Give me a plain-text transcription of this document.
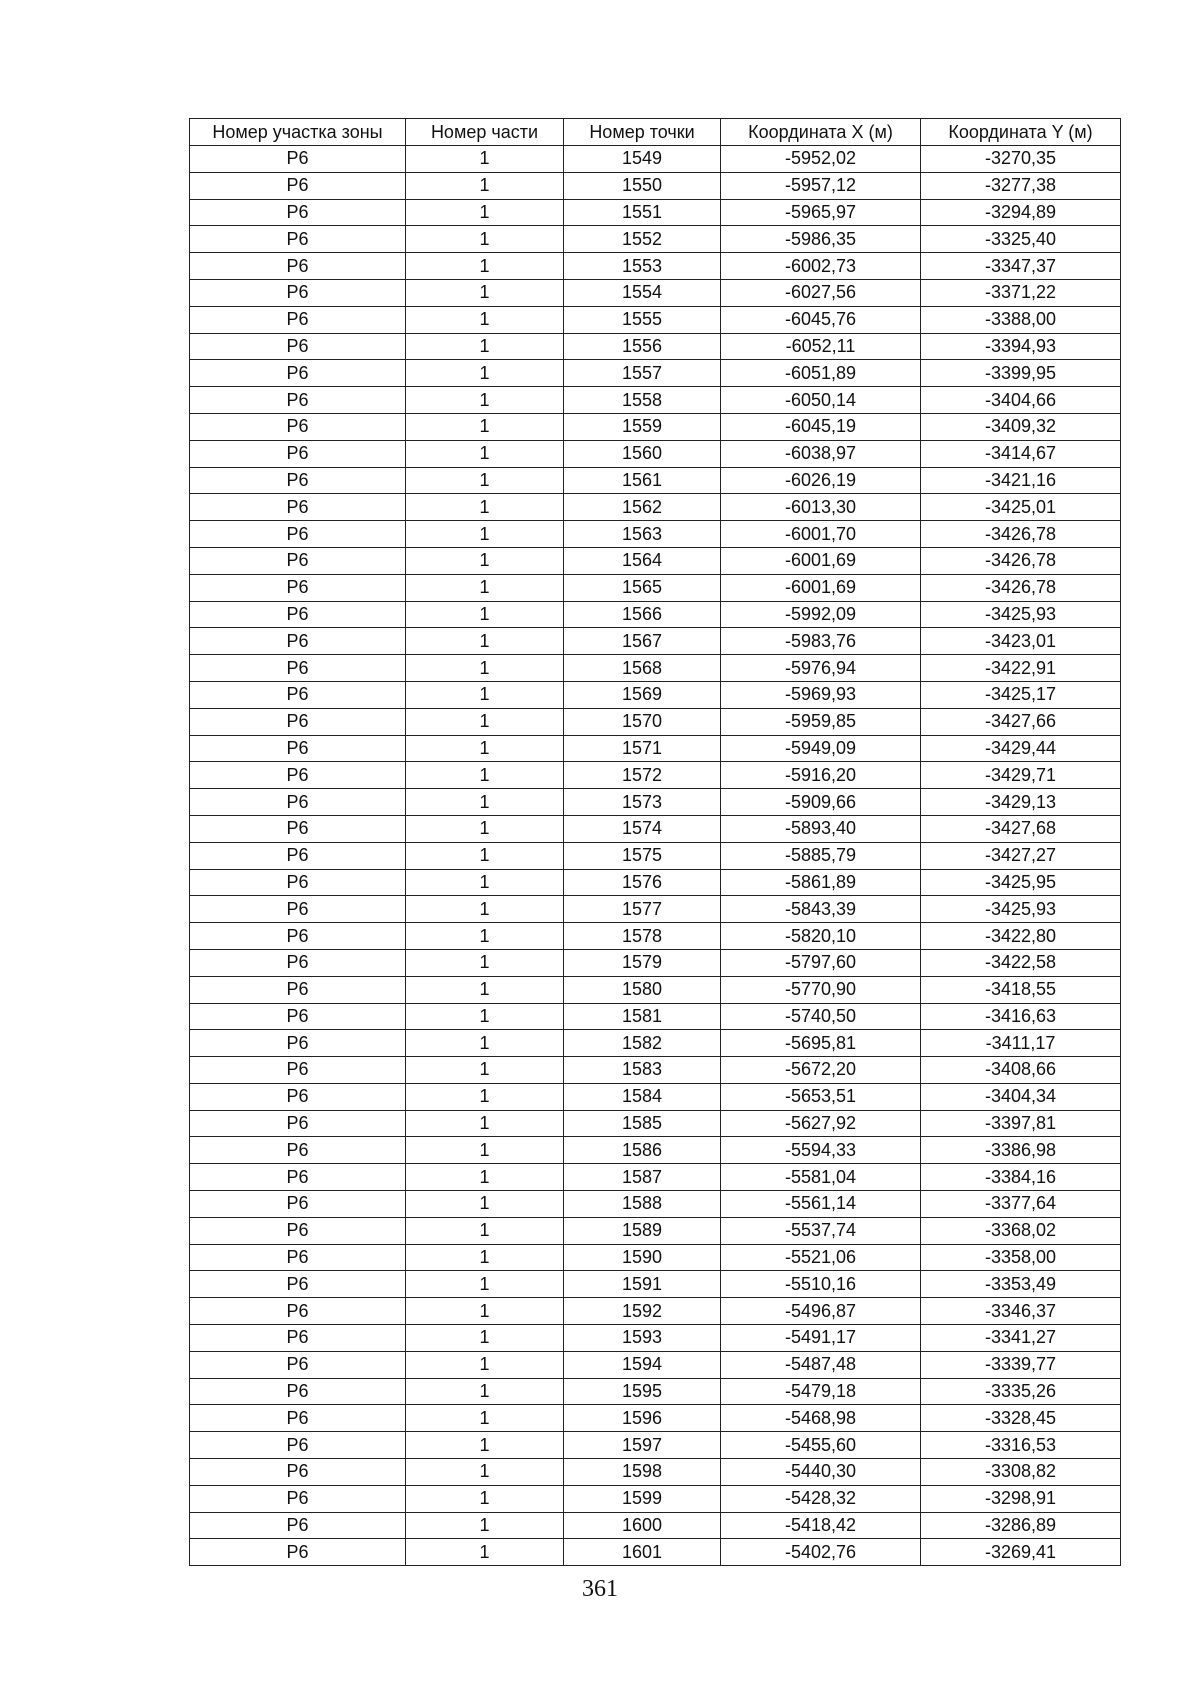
Номер участка зоны	Номер части	Номер точки	Координата X (м)	Координата Y (м)
Р6	1	1549	-5952,02	-3270,35
Р6	1	1550	-5957,12	-3277,38
Р6	1	1551	-5965,97	-3294,89
Р6	1	1552	-5986,35	-3325,40
Р6	1	1553	-6002,73	-3347,37
Р6	1	1554	-6027,56	-3371,22
Р6	1	1555	-6045,76	-3388,00
Р6	1	1556	-6052,11	-3394,93
Р6	1	1557	-6051,89	-3399,95
Р6	1	1558	-6050,14	-3404,66
Р6	1	1559	-6045,19	-3409,32
Р6	1	1560	-6038,97	-3414,67
Р6	1	1561	-6026,19	-3421,16
Р6	1	1562	-6013,30	-3425,01
Р6	1	1563	-6001,70	-3426,78
Р6	1	1564	-6001,69	-3426,78
Р6	1	1565	-6001,69	-3426,78
Р6	1	1566	-5992,09	-3425,93
Р6	1	1567	-5983,76	-3423,01
Р6	1	1568	-5976,94	-3422,91
Р6	1	1569	-5969,93	-3425,17
Р6	1	1570	-5959,85	-3427,66
Р6	1	1571	-5949,09	-3429,44
Р6	1	1572	-5916,20	-3429,71
Р6	1	1573	-5909,66	-3429,13
Р6	1	1574	-5893,40	-3427,68
Р6	1	1575	-5885,79	-3427,27
Р6	1	1576	-5861,89	-3425,95
Р6	1	1577	-5843,39	-3425,93
Р6	1	1578	-5820,10	-3422,80
Р6	1	1579	-5797,60	-3422,58
Р6	1	1580	-5770,90	-3418,55
Р6	1	1581	-5740,50	-3416,63
Р6	1	1582	-5695,81	-3411,17
Р6	1	1583	-5672,20	-3408,66
Р6	1	1584	-5653,51	-3404,34
Р6	1	1585	-5627,92	-3397,81
Р6	1	1586	-5594,33	-3386,98
Р6	1	1587	-5581,04	-3384,16
Р6	1	1588	-5561,14	-3377,64
Р6	1	1589	-5537,74	-3368,02
Р6	1	1590	-5521,06	-3358,00
Р6	1	1591	-5510,16	-3353,49
Р6	1	1592	-5496,87	-3346,37
Р6	1	1593	-5491,17	-3341,27
Р6	1	1594	-5487,48	-3339,77
Р6	1	1595	-5479,18	-3335,26
Р6	1	1596	-5468,98	-3328,45
Р6	1	1597	-5455,60	-3316,53
Р6	1	1598	-5440,30	-3308,82
Р6	1	1599	-5428,32	-3298,91
Р6	1	1600	-5418,42	-3286,89
Р6	1	1601	-5402,76	-3269,41
361
